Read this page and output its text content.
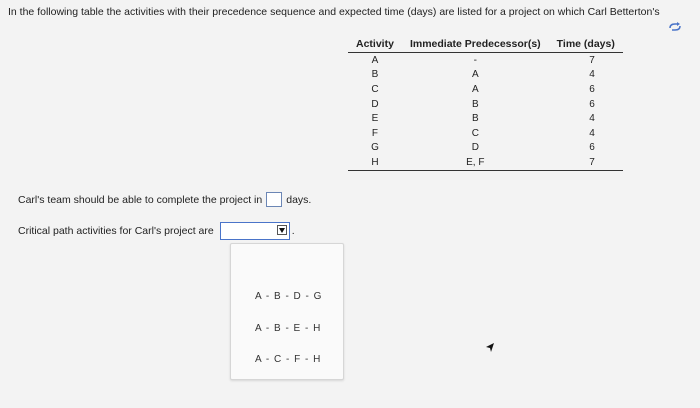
In the following table the activities with their precedence sequence and expected time (days) are listed for a project on which Carl Betterton's
Activity	Immediate Predecessor(s)	Time (days)
A	-	7
B	A	4
C	A	6
D	B	6
E	B	4
F	C	4
G	D	6
H	E, F	7
Carl's team should be able to complete the project in days.
Critical path activities for Carl's project are	.
A - B - D - G
A - B - E - H
A - C - F - H
